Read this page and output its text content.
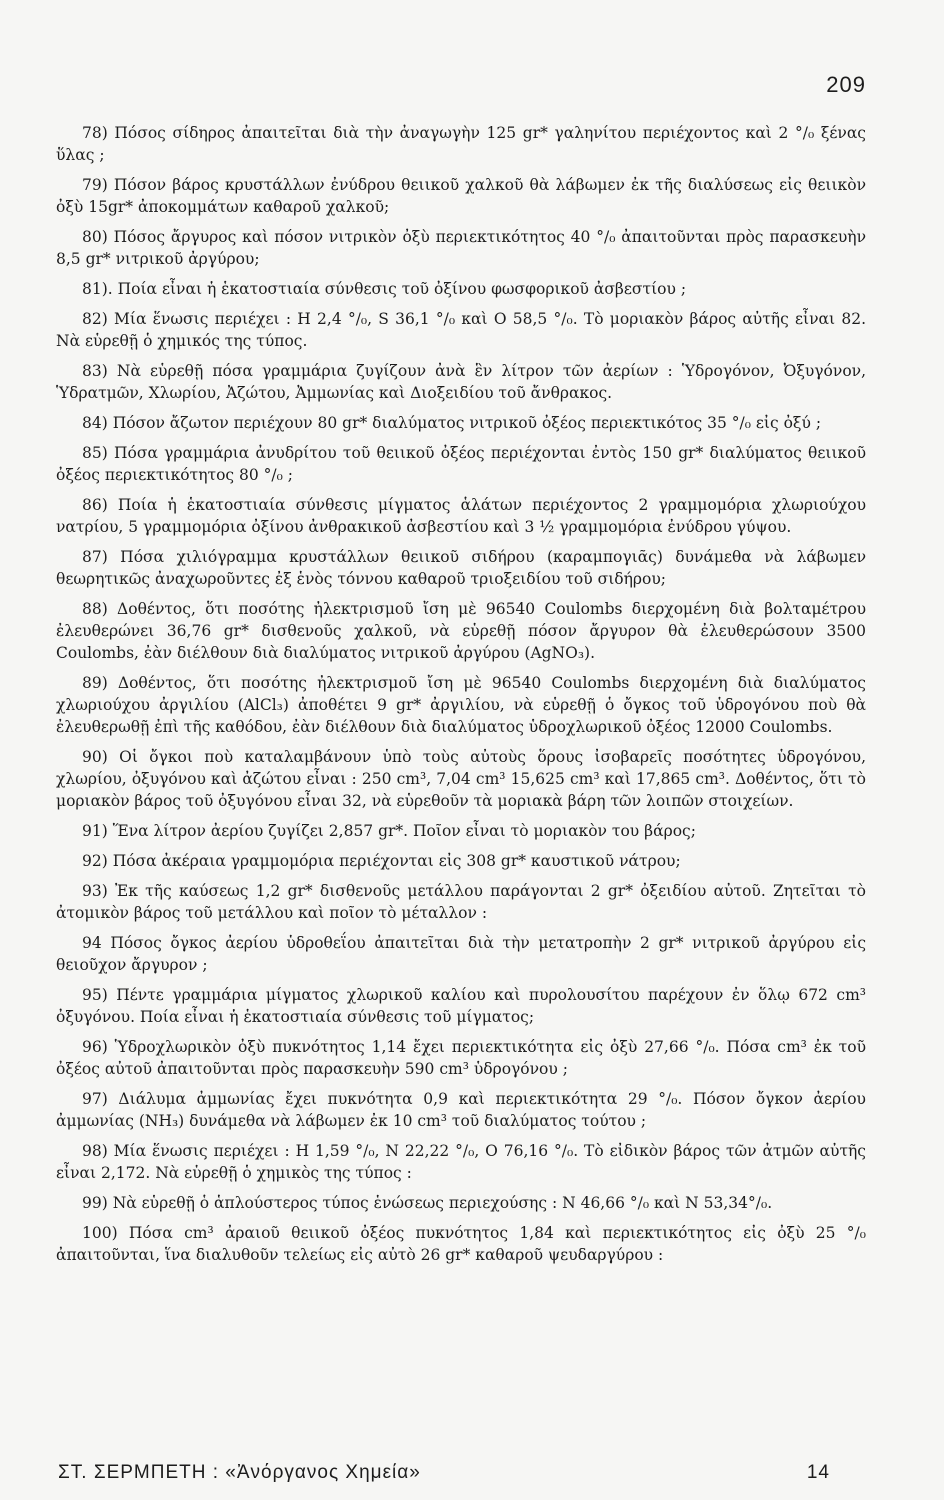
209

78) Πόσος σίδηρος ἀπαιτεῖται διὰ τὴν ἀναγωγὴν 125 gr* γαληνίτου περιέχοντος καὶ 2 °/₀ ξένας ὕλας ;

79) Πόσον βάρος κρυστάλλων ἐνύδρου θειικοῦ χαλκοῦ θὰ λάβωμεν ἐκ τῆς διαλύσεως εἰς θειικὸν ὀξὺ 15gr* ἀποκομμάτων καθαροῦ χαλκοῦ;

80) Πόσος ἄργυρος καὶ πόσον νιτρικὸν ὀξὺ περιεκτικότητος 40 °/₀ ἀπαιτοῦνται πρὸς παρασκευὴν 8,5 gr* νιτρικοῦ ἀργύρου;

81). Ποία εἶναι ἡ ἑκατοστιαία σύνθεσις τοῦ ὀξίνου φωσφορικοῦ ἀσβεστίου ;

82) Μία ἕνωσις περιέχει : Η 2,4 °/₀, S 36,1 °/₀ καὶ Ο 58,5 °/₀. Τὸ μοριακὸν βάρος αὐτῆς εἶναι 82. Νὰ εὑρεθῇ ὁ χημικός της τύπος.

83) Νὰ εὑρεθῇ πόσα γραμμάρια ζυγίζουν ἀνὰ ἓν λίτρον τῶν ἀερίων : Ὑδρογόνον, Ὀξυγόνον, Ὑδρατμῶν, Χλωρίου, Ἀζώτου, Ἀμμωνίας καὶ Διοξειδίου τοῦ ἄνθρακος.

84) Πόσον ἄζωτον περιέχουν 80 gr* διαλύματος νιτρικοῦ ὀξέος περιεκτικότος 35 °/₀ εἰς ὀξύ ;

85) Πόσα γραμμάρια ἀνυδρίτου τοῦ θειικοῦ ὀξέος περιέχονται ἐντὸς 150 gr* διαλύματος θειικοῦ ὀξέος περιεκτικότητος 80 °/₀ ;

86) Ποία ἡ ἑκατοστιαία σύνθεσις μίγματος ἁλάτων περιέχοντος 2 γραμμομόρια χλωριούχου νατρίου, 5 γραμμομόρια ὀξίνου ἀνθρακικοῦ ἀσβεστίου καὶ 3 ½ γραμμομόρια ἐνύδρου γύψου.

87) Πόσα χιλιόγραμμα κρυστάλλων θειικοῦ σιδήρου (καραμπογιᾶς) δυνάμεθα νὰ λάβωμεν θεωρητικῶς ἀναχωροῦντες ἐξ ἑνὸς τόννου καθαροῦ τριοξειδίου τοῦ σιδήρου;

88) Δοθέντος, ὅτι ποσότης ἠλεκτρισμοῦ ἴση μὲ 96540 Coulombs διερχομένη διὰ βολταμέτρου ἐλευθερώνει 36,76 gr* δισθενοῦς χαλκοῦ, νὰ εὑρεθῇ πόσον ἄργυρον θὰ ἐλευθερώσουν 3500 Coulombs, ἐὰν διέλθουν διὰ διαλύματος νιτρικοῦ ἀργύρου (AgNO₃).

89) Δοθέντος, ὅτι ποσότης ἠλεκτρισμοῦ ἴση μὲ 96540 Coulombs διερχομένη διὰ διαλύματος χλωριούχου ἀργιλίου (AlCl₃) ἀποθέτει 9 gr* ἀργιλίου, νὰ εὑρεθῇ ὁ ὄγκος τοῦ ὑδρογόνου ποὺ θὰ ἐλευθερωθῇ ἐπὶ τῆς καθόδου, ἐὰν διέλθουν διὰ διαλύματος ὑδροχλωρικοῦ ὀξέος 12000 Coulombs.

90) Οἱ ὄγκοι ποὺ καταλαμβάνουν ὑπὸ τοὺς αὐτοὺς ὅρους ἰσοβαρεῖς ποσότητες ὑδρογόνου, χλωρίου, ὀξυγόνου καὶ ἀζώτου εἶναι : 250 cm³, 7,04 cm³ 15,625 cm³ καὶ 17,865 cm³. Δοθέντος, ὅτι τὸ μοριακὸν βάρος τοῦ ὀξυγόνου εἶναι 32, νὰ εὑρεθοῦν τὰ μοριακὰ βάρη τῶν λοιπῶν στοιχείων.

91) Ἕνα λίτρον ἀερίου ζυγίζει 2,857 gr*. Ποῖον εἶναι τὸ μοριακὸν του βάρος;

92) Πόσα ἀκέραια γραμμομόρια περιέχονται εἰς 308 gr* καυστικοῦ νάτρου;

93) Ἐκ τῆς καύσεως 1,2 gr* δισθενοῦς μετάλλου παράγονται 2 gr* ὀξειδίου αὐτοῦ. Ζητεῖται τὸ ἀτομικὸν βάρος τοῦ μετάλλου καὶ ποῖον τὸ μέταλλον :

94 Πόσος ὄγκος ἀερίου ὑδροθεΐου ἀπαιτεῖται διὰ τὴν μετατροπὴν 2 gr* νιτρικοῦ ἀργύρου εἰς θειοῦχον ἄργυρον ;

95) Πέντε γραμμάρια μίγματος χλωρικοῦ καλίου καὶ πυρολουσίτου παρέχουν ἐν ὅλῳ 672 cm³ ὀξυγόνου. Ποία εἶναι ἡ ἑκατοστιαία σύνθεσις τοῦ μίγματος;

96) Ὑδροχλωρικὸν ὀξὺ πυκνότητος 1,14 ἔχει περιεκτικότητα εἰς ὀξὺ 27,66 °/₀. Πόσα cm³ ἐκ τοῦ ὀξέος αὐτοῦ ἀπαιτοῦνται πρὸς παρασκευὴν 590 cm³ ὑδρογόνου ;

97) Διάλυμα ἀμμωνίας ἔχει πυκνότητα 0,9 καὶ περιεκτικότητα 29 °/₀. Πόσον ὄγκον ἀερίου ἀμμωνίας (NH₃) δυνάμεθα νὰ λάβωμεν ἐκ 10 cm³ τοῦ διαλύματος τούτου ;

98) Μία ἕνωσις περιέχει : Η 1,59 °/₀, N 22,22 °/₀, O 76,16 °/₀. Τὸ εἰδικὸν βάρος τῶν ἀτμῶν αὐτῆς εἶναι 2,172. Νὰ εὑρεθῇ ὁ χημικὸς της τύπος :

99) Νὰ εὑρεθῇ ὁ ἁπλούστερος τύπος ἑνώσεως περιεχούσης : N 46,66 °/₀ καὶ N 53,34°/₀.

100) Πόσα cm³ ἀραιοῦ θειικοῦ ὀξέος πυκνότητος 1,84 καὶ περιεκτικότητος εἰς ὀξὺ 25 °/₀ ἀπαιτοῦνται, ἵνα διαλυθοῦν τελείως εἰς αὐτὸ 26 gr* καθαροῦ ψευδαργύρου :

ΣΤ. ΣΕΡΜΠΕΤΗ : «Ἀνόργανος Χημεία»	14
